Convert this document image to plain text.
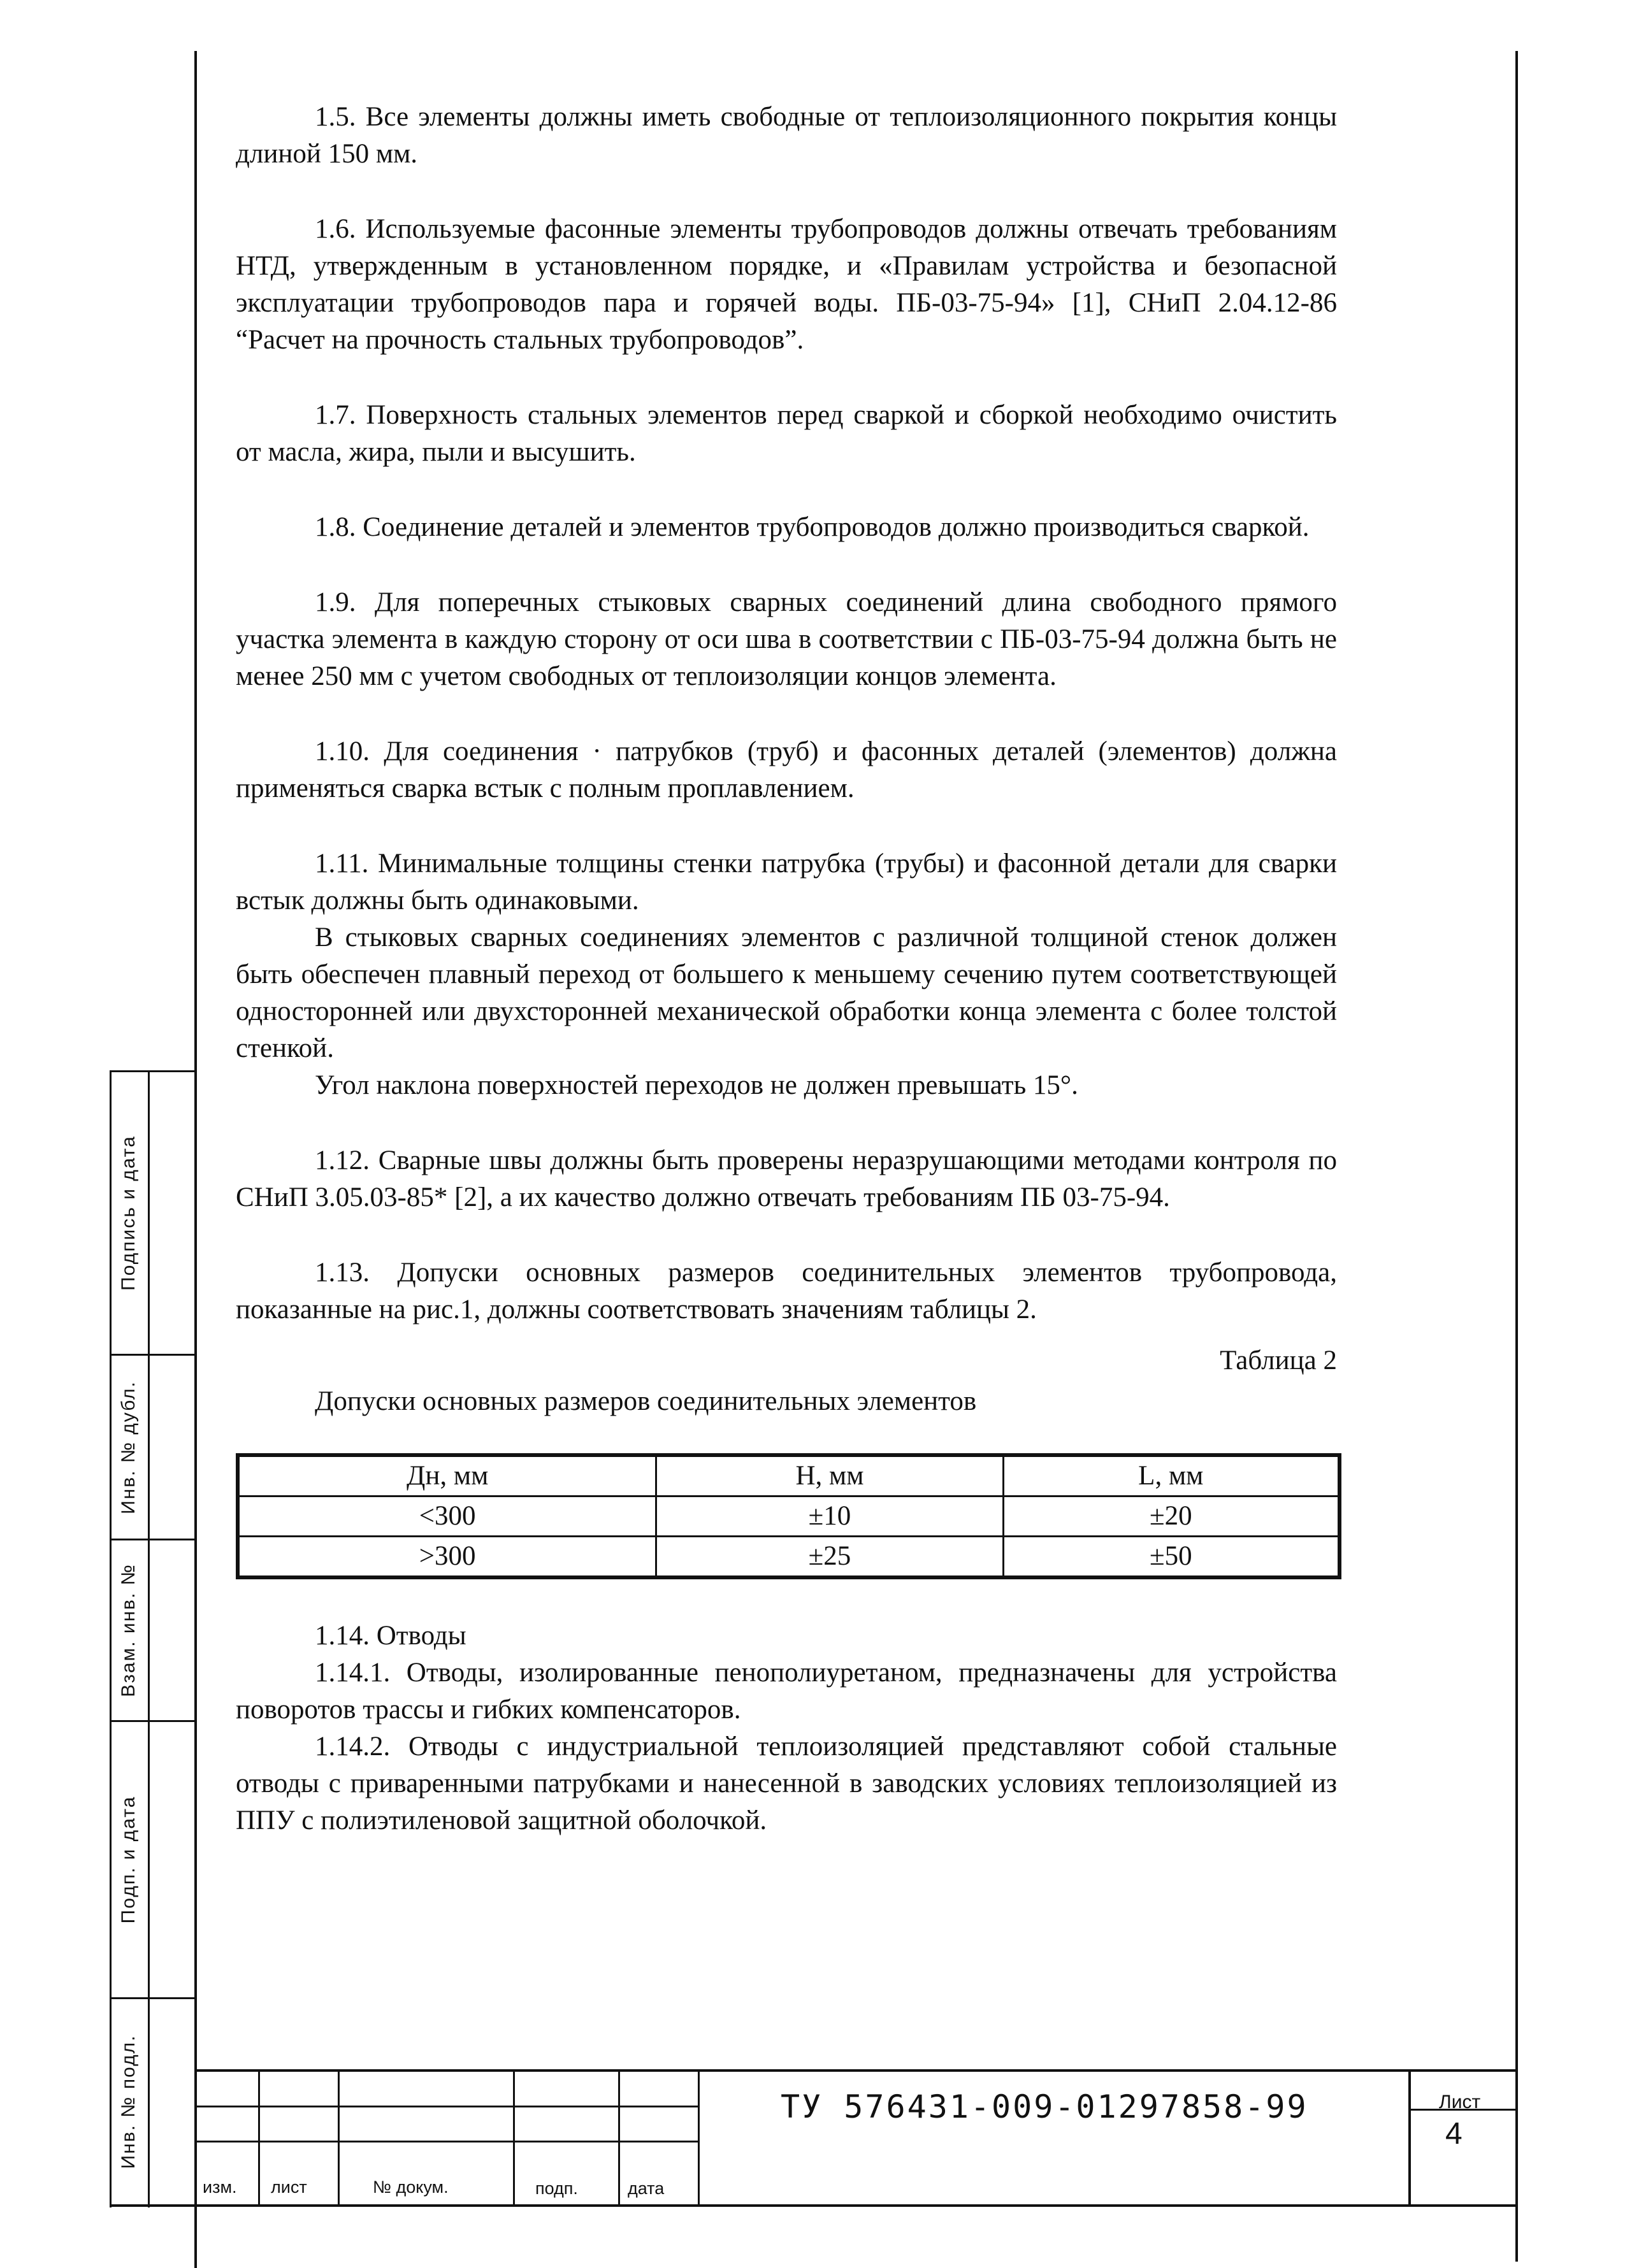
1.5. Все элементы должны иметь свободные от теплоизоляционного покрытия концы длиной 150 мм.

1.6. Используемые фасонные элементы трубопроводов должны отвечать требованиям НТД, утвержденным в установленном порядке, и «Правилам устройства и безопасной эксплуатации трубопроводов пара и горячей воды. ПБ-03-75-94» [1], СНиП 2.04.12-86 “Расчет на прочность стальных трубопроводов”.

1.7. Поверхность стальных элементов перед сваркой и сборкой необходимо очистить от масла, жира, пыли и высушить.

1.8. Соединение деталей и элементов трубопроводов должно производиться сваркой.

1.9. Для поперечных стыковых сварных соединений длина свободного прямого участка элемента в каждую сторону от оси шва в соответствии с ПБ-03-75-94 должна быть не менее 250 мм с учетом свободных от теплоизоляции концов элемента.

1.10. Для соединения · патрубков (труб) и фасонных деталей (элементов) должна применяться сварка встык с полным проплавлением.

1.11. Минимальные толщины стенки патрубка (трубы) и фасонной детали для сварки встык должны быть одинаковыми.

В стыковых сварных соединениях элементов с различной толщиной стенок должен быть обеспечен плавный переход от большего к меньшему сечению путем соответствующей односторонней или двухсторонней механической обработки конца элемента с более толстой стенкой.

Угол наклона поверхностей переходов не должен превышать 15°.

1.12. Сварные швы должны быть проверены неразрушающими методами контроля по СНиП 3.05.03-85* [2], а их качество должно отвечать требованиям ПБ 03-75-94.

1.13. Допуски основных размеров соединительных элементов трубопровода, показанные на рис.1, должны соответствовать значениям таблицы 2.

Таблица 2
Допуски основных размеров соединительных элементов
Дн, мм	Н, мм	L, мм
<300	±10	±20
>300	±25	±50

1.14. Отводы

1.14.1. Отводы, изолированные пенополиуретаном, предназначены для устройства поворотов трассы и гибких компенсаторов.

1.14.2. Отводы с индустриальной теплоизоляцией представляют собой стальные отводы с приваренными патрубками и нанесенной в заводских условиях теплоизоляцией из ППУ с полиэтиленовой защитной оболочкой.

Подпись и дата
Инв. № дубл.
Взам. инв. №
Подп. и дата
Инв. № подл.
изм. лист	№ докум.	подп.	дата
ТУ 576431-009-01297858-99	Лист
4
